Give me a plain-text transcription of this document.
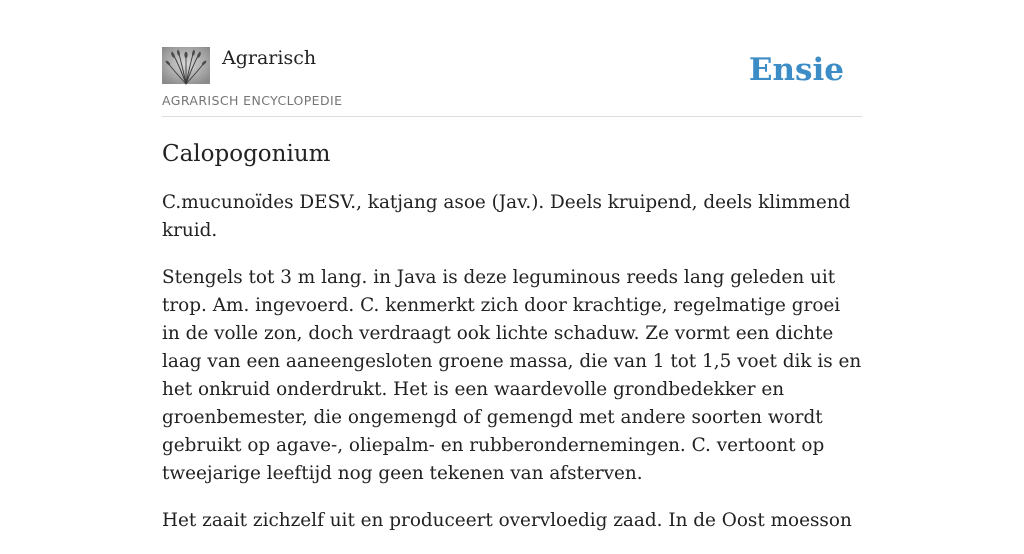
Agrarisch
AGRARISCH ENCYCLOPEDIE
Ensie
Calopogonium

C.mucunoïdes DESV., katjang asoe (Jav.). Deels kruipend, deels klimmend kruid.

Stengels tot 3 m lang. in Java is deze leguminous reeds lang geleden uit trop. Am. ingevoerd. C. kenmerkt zich door krachtige, regelmatige groei in de volle zon, doch verdraagt ook lichte schaduw. Ze vormt een dichte laag van een aaneengesloten groene massa, die van 1 tot 1,5 voet dik is en het onkruid onderdrukt. Het is een waardevolle grondbedekker en groenbemester, die ongemengd of gemengd met andere soorten wordt gebruikt op agave-, oliepalm- en rubberondernemingen. C. vertoont op tweejarige leeftijd nog geen tekenen van afsterven.

Het zaait zichzelf uit en produceert overvloedig zaad. In de Oost moesson
